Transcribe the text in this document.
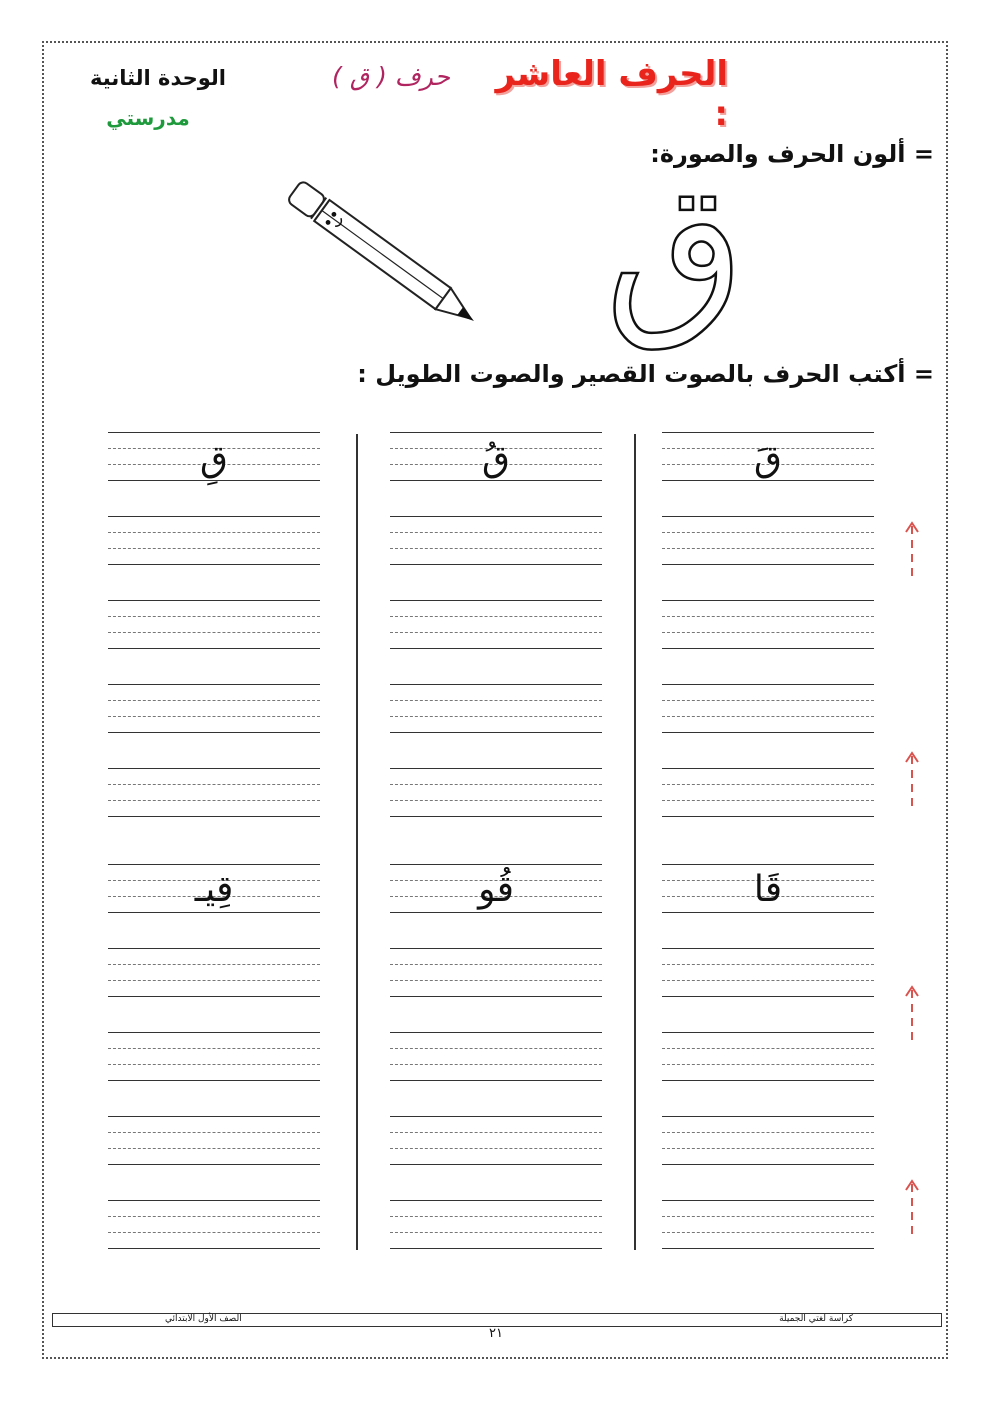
الوحدة الثانية
مدرستي
الحرف العاشر :
حرف ( ق )
= ألون الحرف والصورة:
ق
= أكتب الحرف بالصوت القصير والصوت الطويل :
قَ
قَا
قُ
قُو
قِ
قِيـ
الصف الأول الابتدائي	كراسة لغتي الجميلة
٢١
